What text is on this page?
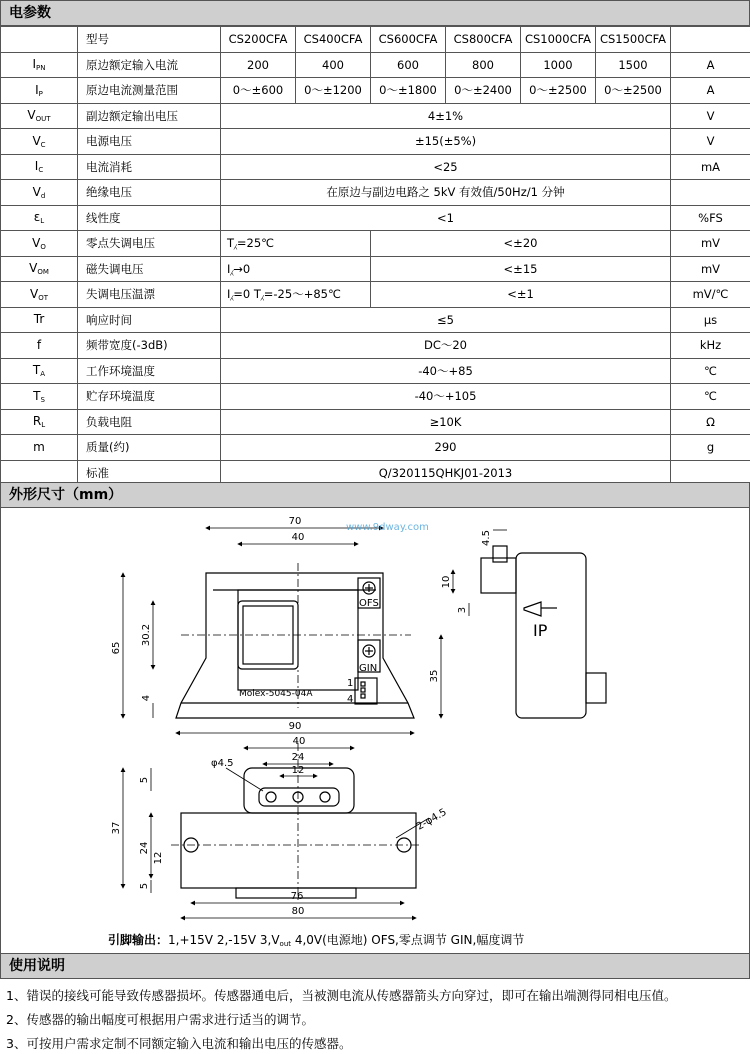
电参数
	型号	CS200CFA	CS400CFA	CS600CFA	CS800CFA	CS1000CFA	CS1500CFA	
$I_{PN}$	原边额定输入电流	200	400	600	800	1000	1500	A
$I_P$	原边电流测量范围	0～±600	0～±1200	0～±1800	0～±2400	0～±2500	0～±2500	A
$V_{OUT}$	副边额定输出电压	4±1%						V
$V_C$	电源电压	±15(±5%)						V
$I_C$	电流消耗	<25						mA
$V_d$	绝缘电压	在原边与副边电路之 5kV 有效值/50Hz/1 分钟						
$\varepsilon_L$	线性度	<1						%FS
$V_O$	零点失调电压	T⁁=25℃		<±20				mV
$V_{OM}$	磁失调电压	I⁁→0		<±15				mV
$V_{OT}$	失调电压温漂	I⁁=0 T⁁=-25～+85℃		<±1				mV/℃
Tr	响应时间	≤5						μs
f	频带宽度(-3dB)	DC～20						kHz
$T_A$	工作环境温度	-40～+85						℃
$T_S$	贮存环境温度	-40～+105						℃
$R_L$	负载电阻	≥10K						Ω
m	质量(约)	290						g
	标准	Q/320115QHKJ01-2013						
外形尺寸（mm）
70
40
65
30.2
4
90
35
4.5
10
3
OFS
GIN
Molex-5045-04A
1
4
IP
40
φ4.5
24
12
5
37
24
12
5
76
80
2-φ4.5
www.9dway.com
引脚输出：1,+15V 2,-15V $3,V_{out}$ 4,0V(电源地) OFS,零点调节 GIN,幅度调节
使用说明
1、错误的接线可能导致传感器损坏。传感器通电后，当被测电流从传感器箭头方向穿过，即可在输出端测得同相电压值。
2、传感器的输出幅度可根据用户需求进行适当的调节。
3、可按用户需求定制不同额定输入电流和输出电压的传感器。
